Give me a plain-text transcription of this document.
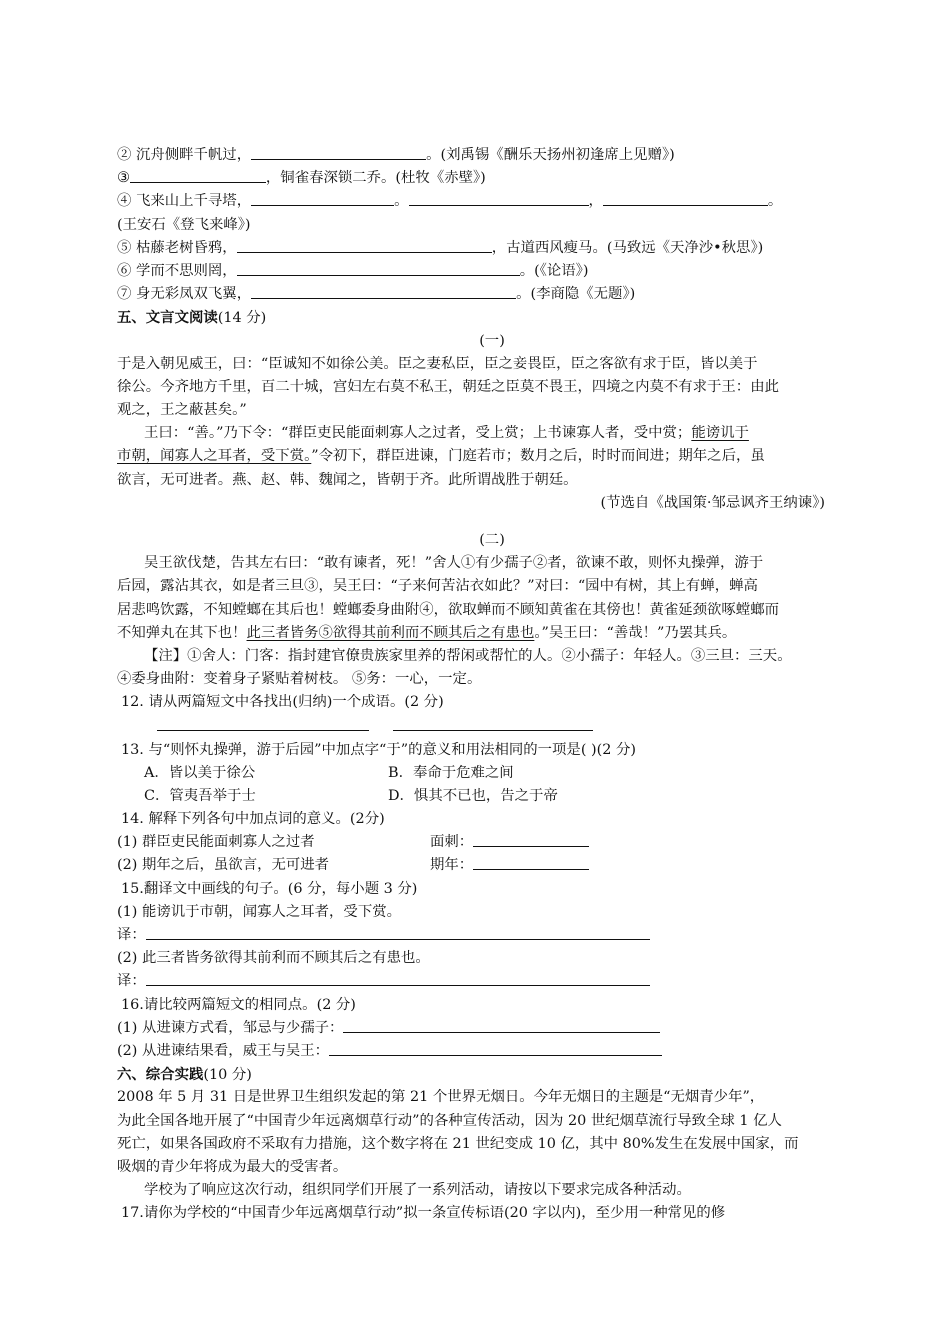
② 沉舟侧畔千帆过，	。(刘禹锡《酬乐天扬州初逢席上见赠》)
③	，铜雀春深锁二乔。(杜牧《赤壁》)
④ 飞来山上千寻塔，	。	，	。
(王安石《登飞来峰》)
⑤ 枯藤老树昏鸦，	，古道西风瘦马。(马致远《天净沙•秋思》)
⑥ 学而不思则罔，	。(《论语》)
⑦ 身无彩凤双飞翼，	。(李商隐《无题》)
五、文言文阅读(14 分)
(一)
于是入朝见威王，曰：“臣诚知不如徐公美。臣之妻私臣，臣之妾畏臣，臣之客欲有求于臣，皆以美于
徐公。今齐地方千里，百二十城，宫妇左右莫不私王，朝廷之臣莫不畏王，四境之内莫不有求于王：由此
观之，王之蔽甚矣。”
王曰：“善。”乃下令：“群臣吏民能面刺寡人之过者，受上赏；上书谏寡人者，受中赏；能谤讥于
市朝，闻寡人之耳者，受下赏。”令初下，群臣进谏，门庭若市；数月之后，时时而间进；期年之后，虽
欲言，无可进者。燕、赵、韩、魏闻之，皆朝于齐。此所谓战胜于朝廷。
(节选自《战国策·邹忌讽齐王纳谏》)
(二)
吴王欲伐楚，告其左右曰：“敢有谏者，死！”舍人①有少孺子②者，欲谏不敢，则怀丸操弹，游于
后园，露沾其衣，如是者三旦③，吴王曰：“子来何苦沾衣如此？”对曰：“园中有树，其上有蝉，蝉高
居悲鸣饮露，不知螳螂在其后也！螳螂委身曲附④，欲取蝉而不顾知黄雀在其傍也！黄雀延颈欲啄螳螂而
不知弹丸在其下也！此三者皆务⑤欲得其前利而不顾其后之有患也。”吴王曰：“善哉！”乃罢其兵。
【注】①舍人：门客：指封建官僚贵族家里养的帮闲或帮忙的人。②小孺子：年轻人。③三旦：三天。
④委身曲附：变着身子紧贴着树枝。 ⑤务：一心，一定。
12. 请从两篇短文中各找出(归纳)一个成语。(2 分)
13. 与“则怀丸操弹，游于后园”中加点字“于”的意义和用法相同的一项是( )(2 分)
A．皆以美于徐公	B．奉命于危难之间
C．管夷吾举于士	D．惧其不已也，告之于帝
14. 解释下列各句中加点词的意义。(2分)
(1) 群臣吏民能面刺寡人之过者	面刺：
(2) 期年之后，虽欲言，无可进者	期年：
15.翻译文中画线的句子。(6 分，每小题 3 分)
(1) 能谤讥于市朝，闻寡人之耳者，受下赏。
译：
(2) 此三者皆务欲得其前利而不顾其后之有患也。
译：
16.请比较两篇短文的相同点。(2 分)
(1) 从进谏方式看，邹忌与少孺子：
(2) 从进谏结果看，威王与吴王：
六、综合实践(10 分)
2008 年 5 月 31 日是世界卫生组织发起的第 21 个世界无烟日。今年无烟日的主题是“无烟青少年”，
为此全国各地开展了“中国青少年远离烟草行动”的各种宣传活动，因为 20 世纪烟草流行导致全球 1 亿人
死亡，如果各国政府不采取有力措施，这个数字将在 21 世纪变成 10 亿，其中 80%发生在发展中国家，而
吸烟的青少年将成为最大的受害者。
学校为了响应这次行动，组织同学们开展了一系列活动，请按以下要求完成各种活动。
17.请你为学校的“中国青少年远离烟草行动”拟一条宣传标语(20 字以内)，至少用一种常见的修
